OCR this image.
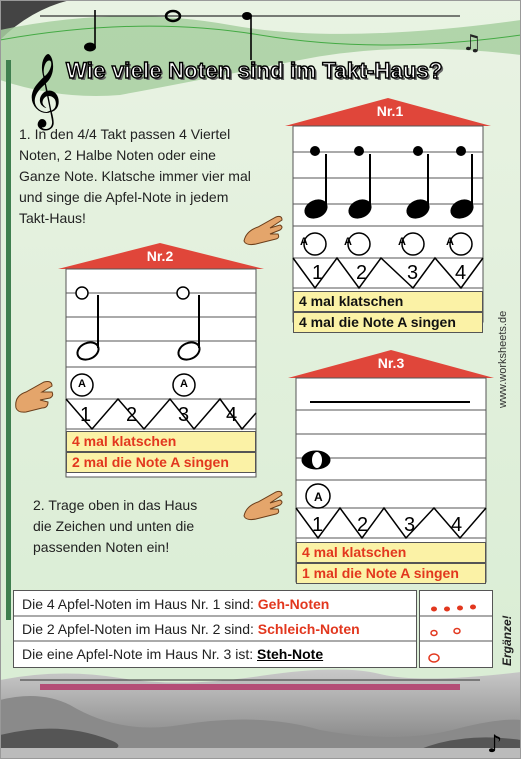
♫
𝄞
♪
Wie viele Noten sind im Takt-Haus?
1. In den 4/4 Takt passen 4 Viertel
Noten, 2 Halbe Noten oder eine
Ganze Note. Klatsche immer vier mal
und singe die Apfel-Note in jedem
Takt-Haus!
Nr.1
A	A	A	A
1 2 3 4
4 mal klatschen
4 mal die Note A singen
Nr.2
A	A
1 2 3 4
4 mal klatschen
2 mal die Note A singen
Nr.3
A
1 2 3 4
4 mal klatschen
1 mal die Note A singen
2. Trage oben in das Haus
die Zeichen und unten die
passenden Noten ein!
www.worksheets.de
Die 4 Apfel-Noten im Haus Nr. 1 sind: Geh-Noten
Die 2 Apfel-Noten im Haus Nr. 2 sind: Schleich-Noten
Die eine Apfel-Note im Haus Nr. 3 ist: Steh-Note	Ergänze!
